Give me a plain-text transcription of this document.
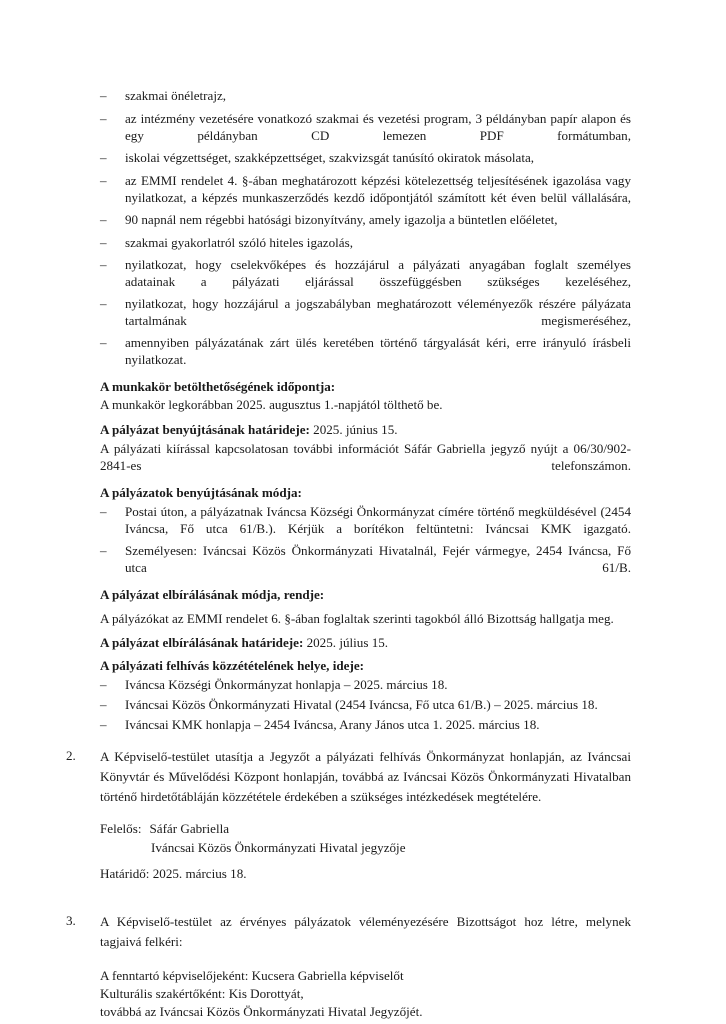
– szakmai önéletrajz,
– az intézmény vezetésére vonatkozó szakmai és vezetési program, 3 példányban papír alapon és egy példányban CD lemezen PDF formátumban,
– iskolai végzettséget, szakképzettséget, szakvizsgát tanúsító okiratok másolata,
– az EMMI rendelet 4. §-ában meghatározott képzési kötelezettség teljesítésének igazolása vagy nyilatkozat, a képzés munkaszerződés kezdő időpontjától számított két éven belül vállalására,
– 90 napnál nem régebbi hatósági bizonyítvány, amely igazolja a büntetlen előéletet,
– szakmai gyakorlatról szóló hiteles igazolás,
– nyilatkozat, hogy cselekvőképes és hozzájárul a pályázati anyagában foglalt személyes adatainak a pályázati eljárással összefüggésben szükséges kezeléséhez,
– nyilatkozat, hogy hozzájárul a jogszabályban meghatározott véleményezők részére pályázata tartalmának megismeréséhez,
– amennyiben pályázatának zárt ülés keretében történő tárgyalását kéri, erre irányuló írásbeli nyilatkozat.
A munkakör betölthetőségének időpontja:
A munkakör legkorábban 2025. augusztus 1.-napjától tölthető be.
A pályázat benyújtásának határideje: 2025. június 15.
A pályázati kiírással kapcsolatosan további információt Sáfár Gabriella jegyző nyújt a 06/30/902-2841-es telefonszámon.
A pályázatok benyújtásának módja:
– Postai úton, a pályázatnak Iváncsa Községi Önkormányzat címére történő megküldésével (2454 Iváncsa, Fő utca 61/B.). Kérjük a borítékon feltüntetni: Iváncsai KMK igazgató.
– Személyesen: Iváncsai Közös Önkormányzati Hivatalnál, Fejér vármegye, 2454 Iváncsa, Fő utca 61/B.
A pályázat elbírálásának módja, rendje:
A pályázókat az EMMI rendelet 6. §-ában foglaltak szerinti tagokból álló Bizottság hallgatja meg.
A pályázat elbírálásának határideje: 2025. július 15.
A pályázati felhívás közzétételének helye, ideje:
– Iváncsa Községi Önkormányzat honlapja – 2025. március 18.
– Iváncsai Közös Önkormányzati Hivatal (2454 Iváncsa, Fő utca 61/B.) – 2025. március 18.
– Iváncsai KMK honlapja – 2454 Iváncsa, Arany János utca 1. 2025. március 18.
2. A Képviselő-testület utasítja a Jegyzőt a pályázati felhívás Önkormányzat honlapján, az Iváncsai Könyvtár és Művelődési Központ honlapján, továbbá az Iváncsai Közös Önkormányzati Hivatalban történő hirdetőtábláján közzététele érdekében a szükséges intézkedések megtételére.
Felelős: Sáfár Gabriella
Iváncsai Közös Önkormányzati Hivatal jegyzője
Határidő: 2025. március 18.
3. A Képviselő-testület az érvényes pályázatok véleményezésére Bizottságot hoz létre, melynek tagjaivá felkéri:
A fenntartó képviselőjeként: Kucsera Gabriella képviselőt
Kulturális szakértőként: Kis Dorottyát,
továbbá az Iváncsai Közös Önkormányzati Hivatal Jegyzőjét.
